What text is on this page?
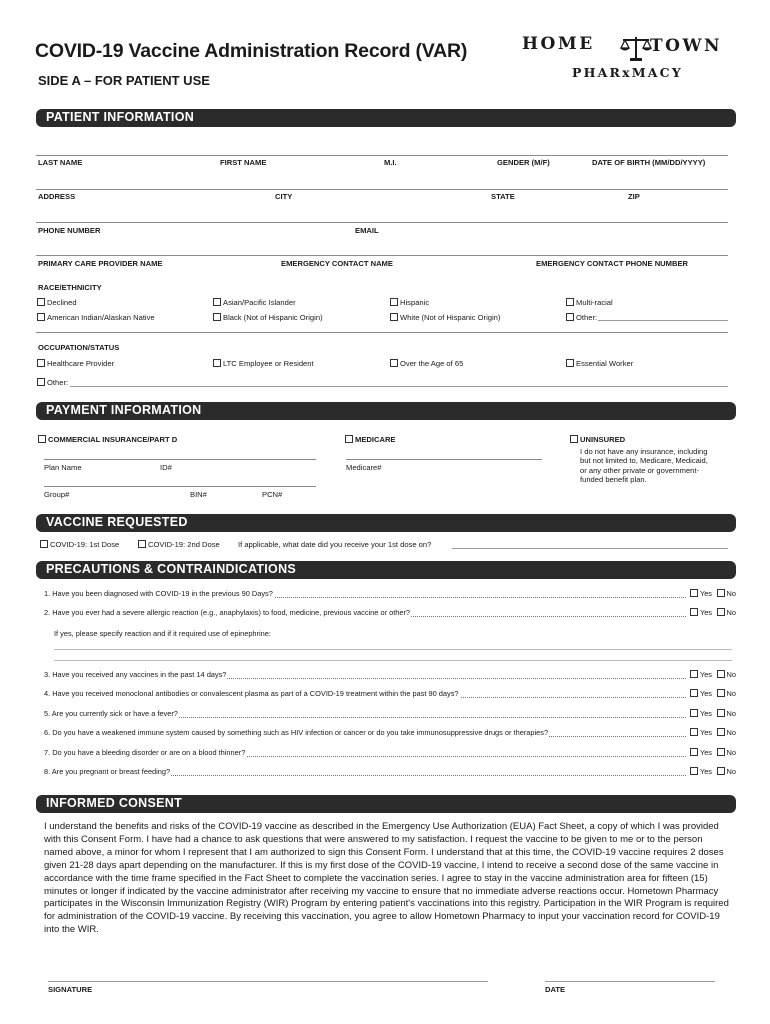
COVID-19 Vaccine Administration Record (VAR)
SIDE A – FOR PATIENT USE
HOME	TOWN
PHARxMACY
PATIENT INFORMATION
LAST NAME	FIRST NAME	M.I.	GENDER (M/F)	DATE OF BIRTH (MM/DD/YYYY)
ADDRESS	CITY	STATE	ZIP
PHONE NUMBER	EMAIL
PRIMARY CARE PROVIDER NAME	EMERGENCY CONTACT NAME	EMERGENCY CONTACT PHONE NUMBER
RACE/ETHNICITY
Declined	Asian/Pacific Islander	Hispanic	Multi-racial
American Indian/Alaskan Native	Black (Not of Hispanic Origin)	White (Not of Hispanic Origin)	Other:
OCCUPATION/STATUS
Healthcare Provider	LTC Employee or Resident	Over the Age of 65	Essential Worker
Other:
PAYMENT INFORMATION
COMMERCIAL INSURANCE/PART D	MEDICARE	UNINSURED
Plan Name	ID#	Medicare#
I do not have any insurance, including
but not limited to, Medicare, Medicaid,
or any other private or government-
funded benefit plan.
Group#	BIN#	PCN#
VACCINE REQUESTED
COVID-19: 1st Dose	COVID-19: 2nd Dose If applicable, what date did you receive your 1st dose on?
PRECAUTIONS & CONTRAINDICATIONS
1. Have you been diagnosed with COVID-19 in the previous 90 Days?	Yes	No
2. Have you ever had a severe allergic reaction (e.g., anaphylaxis) to food, medicine, previous vaccine or other?	Yes	No
3. Have you received any vaccines in the past 14 days?	Yes	No
4. Have you received monoclonal antibodies or convalescent plasma as part of a COVID-19 treatment within the past 90 days?	Yes	No
5. Are you currently sick or have a fever?	Yes	No
6. Do you have a weakened immune system caused by something such as HIV infection or cancer or do you take immunosuppressive drugs or therapies?	Yes	No
7. Do you have a bleeding disorder or are on a blood thinner?	Yes	No
8. Are you pregnant or breast feeding?	Yes	No
If yes, please specify reaction and if it required use of epinephrine:
INFORMED CONSENT
I understand the benefits and risks of the COVID-19 vaccine as described in the Emergency Use Authorization (EUA) Fact Sheet, a copy of which I was provided with this Consent Form. I have had a chance to ask questions that were answered to my satisfaction. I request the vaccine to be given to me or to the person named above, a minor for whom I represent that I am authorized to sign this Consent Form. I understand that at this time, the COVID-19 vaccine requires 2 doses given 21-28 days apart depending on the manufacturer. If this is my first dose of the COVID-19 vaccine, I intend to receive a second dose of the same vaccine in accordance with the time frame specified in the Fact Sheet to complete the vaccination series. I agree to stay in the vaccine administration area for fifteen (15) minutes or longer if indicated by the vaccine administrator after receiving my vaccine to ensure that no immediate adverse reactions occur. Hometown Pharmacy participates in the Wisconsin Immunization Registry (WIR) Program by entering patient's vaccinations into this registry. Participation in the WIR Program is required for administration of the COVID-19 vaccine. By receiving this vaccination, you agree to allow Hometown Pharmacy to input your vaccination record for COVID-19 into the WIR.
SIGNATURE	DATE
